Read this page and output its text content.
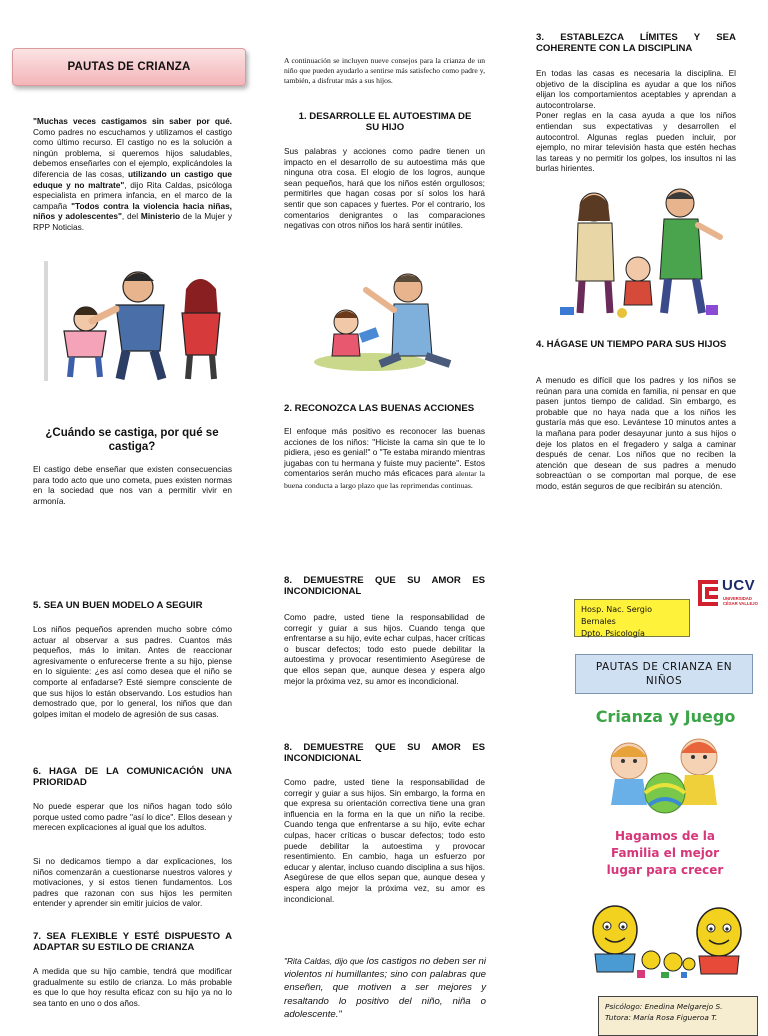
PAUTAS DE CRIANZA

"Muchas veces castigamos sin saber por qué. Como padres no escuchamos y utilizamos el castigo como último recurso. El castigo no es la solución a ningún problema, si queremos hijos saludables, debemos enseñarles con el ejemplo, explicándoles la diferencia de las cosas, utilizando un castigo que eduque y no maltrate", dijo Rita Caldas, psicóloga especialista en primera infancia, en el marco de la campaña "Todos contra la violencia hacia niñas, niños y adolescentes", del Ministerio de la Mujer y RPP Noticias.

¿Cuándo se castiga, por qué se castiga?

El castigo debe enseñar que existen consecuencias para todo acto que uno cometa, pues existen normas en la sociedad que nos van a permitir vivir en armonía.

A continuación se incluyen nueve consejos para la crianza de un niño que pueden ayudarlo a sentirse más satisfecho como padre y, también, a disfrutar más a sus hijos.

1. DESARROLLE EL AUTOESTIMA DE SU HIJO

Sus palabras y acciones como padre tienen un impacto en el desarrollo de su autoestima más que ninguna otra cosa. El elogio de los logros, aunque sean pequeños, hará que los niños estén orgullosos; permitirles que hagan cosas por sí solos los hará sentir que son capaces y fuertes. Por el contrario, los comentarios denigrantes o las comparaciones negativas con otros niños los hará sentir inútiles.

2. RECONOZCA LAS BUENAS ACCIONES

El enfoque más positivo es reconocer las buenas acciones de los niños: "Hiciste la cama sin que te lo pidiera, ¡eso es genial!" o "Te estaba mirando mientras jugabas con tu hermana y fuiste muy paciente". Estos comentarios serán mucho más eficaces para alentar la buena conducta a largo plazo que las reprimendas continuas.

3. ESTABLEZCA LÍMITES Y SEA COHERENTE CON LA DISCIPLINA

En todas las casas es necesaria la disciplina. El objetivo de la disciplina es ayudar a que los niños elijan los comportamientos aceptables y aprendan a autocontrolarse.
Poner reglas en la casa ayuda a que los niños entiendan sus expectativas y desarrollen el autocontrol. Algunas reglas pueden incluir, por ejemplo, no mirar televisión hasta que estén hechas las tareas y no permitir los golpes, los insultos ni las burlas hirientes.

4. HÁGASE UN TIEMPO PARA SUS HIJOS

A menudo es difícil que los padres y los niños se reúnan para una comida en familia, ni pensar en que pasen juntos tiempo de calidad. Sin embargo, es probable que no haya nada que a los niños les gustaría más que eso. Levántese 10 minutos antes a la mañana para poder desayunar junto a sus hijos o deje los platos en el fregadero y salga a caminar después de cenar. Los niños que no reciben la atención que desean de sus padres a menudo sobreactúan o se comportan mal porque, de ese modo, están seguros de que recibirán su atención.

5. SEA UN BUEN MODELO A SEGUIR

Los niños pequeños aprenden mucho sobre cómo actuar al observar a sus padres. Cuantos más pequeños, más lo imitan. Antes de reaccionar agresivamente o enfurecerse frente a su hijo, piense en lo siguiente: ¿es así como desea que el niño se comporte al enfadarse? Esté siempre consciente de que sus hijos lo están observando. Los estudios han demostrado que, por lo general, los niños que dan golpes imitan el modelo de agresión de sus casas.

6. HAGA DE LA COMUNICACIÓN UNA PRIORIDAD

No puede esperar que los niños hagan todo sólo porque usted como padre "así lo dice". Ellos desean y merecen explicaciones al igual que los adultos.

Si no dedicamos tiempo a dar explicaciones, los niños comenzarán a cuestionarse nuestros valores y motivaciones, y si estos tienen fundamentos. Los padres que razonan con sus hijos les permiten entender y aprender sin emitir juicios de valor.

7. SEA FLEXIBLE Y ESTÉ DISPUESTO A ADAPTAR SU ESTILO DE CRIANZA

A medida que su hijo cambie, tendrá que modificar gradualmente su estilo de crianza. Lo más probable es que lo que hoy resulta eficaz con su hijo ya no lo sea tanto en uno o dos años.

8. DEMUESTRE QUE SU AMOR ES INCONDICIONAL

Como padre, usted tiene la responsabilidad de corregir y guiar a sus hijos. Cuando tenga que enfrentarse a su hijo, evite echar culpas, hacer críticas o buscar defectos; todo esto puede debilitar la autoestima y provocar resentimiento Asegúrese de que ellos sepan que, aunque desea y espera algo mejor la próxima vez, su amor es incondicional.

8. DEMUESTRE QUE SU AMOR ES INCONDICIONAL

Como padre, usted tiene la responsabilidad de corregir y guiar a sus hijos. Sin embargo, la forma en que expresa su orientación correctiva tiene una gran influencia en la forma en la que un niño la recibe. Cuando tenga que enfrentarse a su hijo, evite echar culpas, hacer críticas o buscar defectos; todo esto puede debilitar la autoestima y provocar resentimiento. En cambio, haga un esfuerzo por educar y alentar, incluso cuando disciplina a sus hijos. Asegúrese de que ellos sepan que, aunque desea y espera algo mejor la próxima vez, su amor es incondicional.

"Rita Caldas, dijo que los castigos no deben ser ni violentos ni humillantes; sino con palabras que enseñen, que motiven a ser mejores y resaltando lo positivo del niño, niña o adolescente."

Hosp. Nac. Sergio Bernales
Dpto. Psicología
UCV
UNIVERSIDAD
CÉSAR VALLEJO
PAUTAS DE CRIANZA EN NIÑOS
Crianza y Juego

Hagamos de la Familia el mejor lugar para crecer

Psicólogo: Enedina Melgarejo S.
Tutora: María Rosa Figueroa T.
